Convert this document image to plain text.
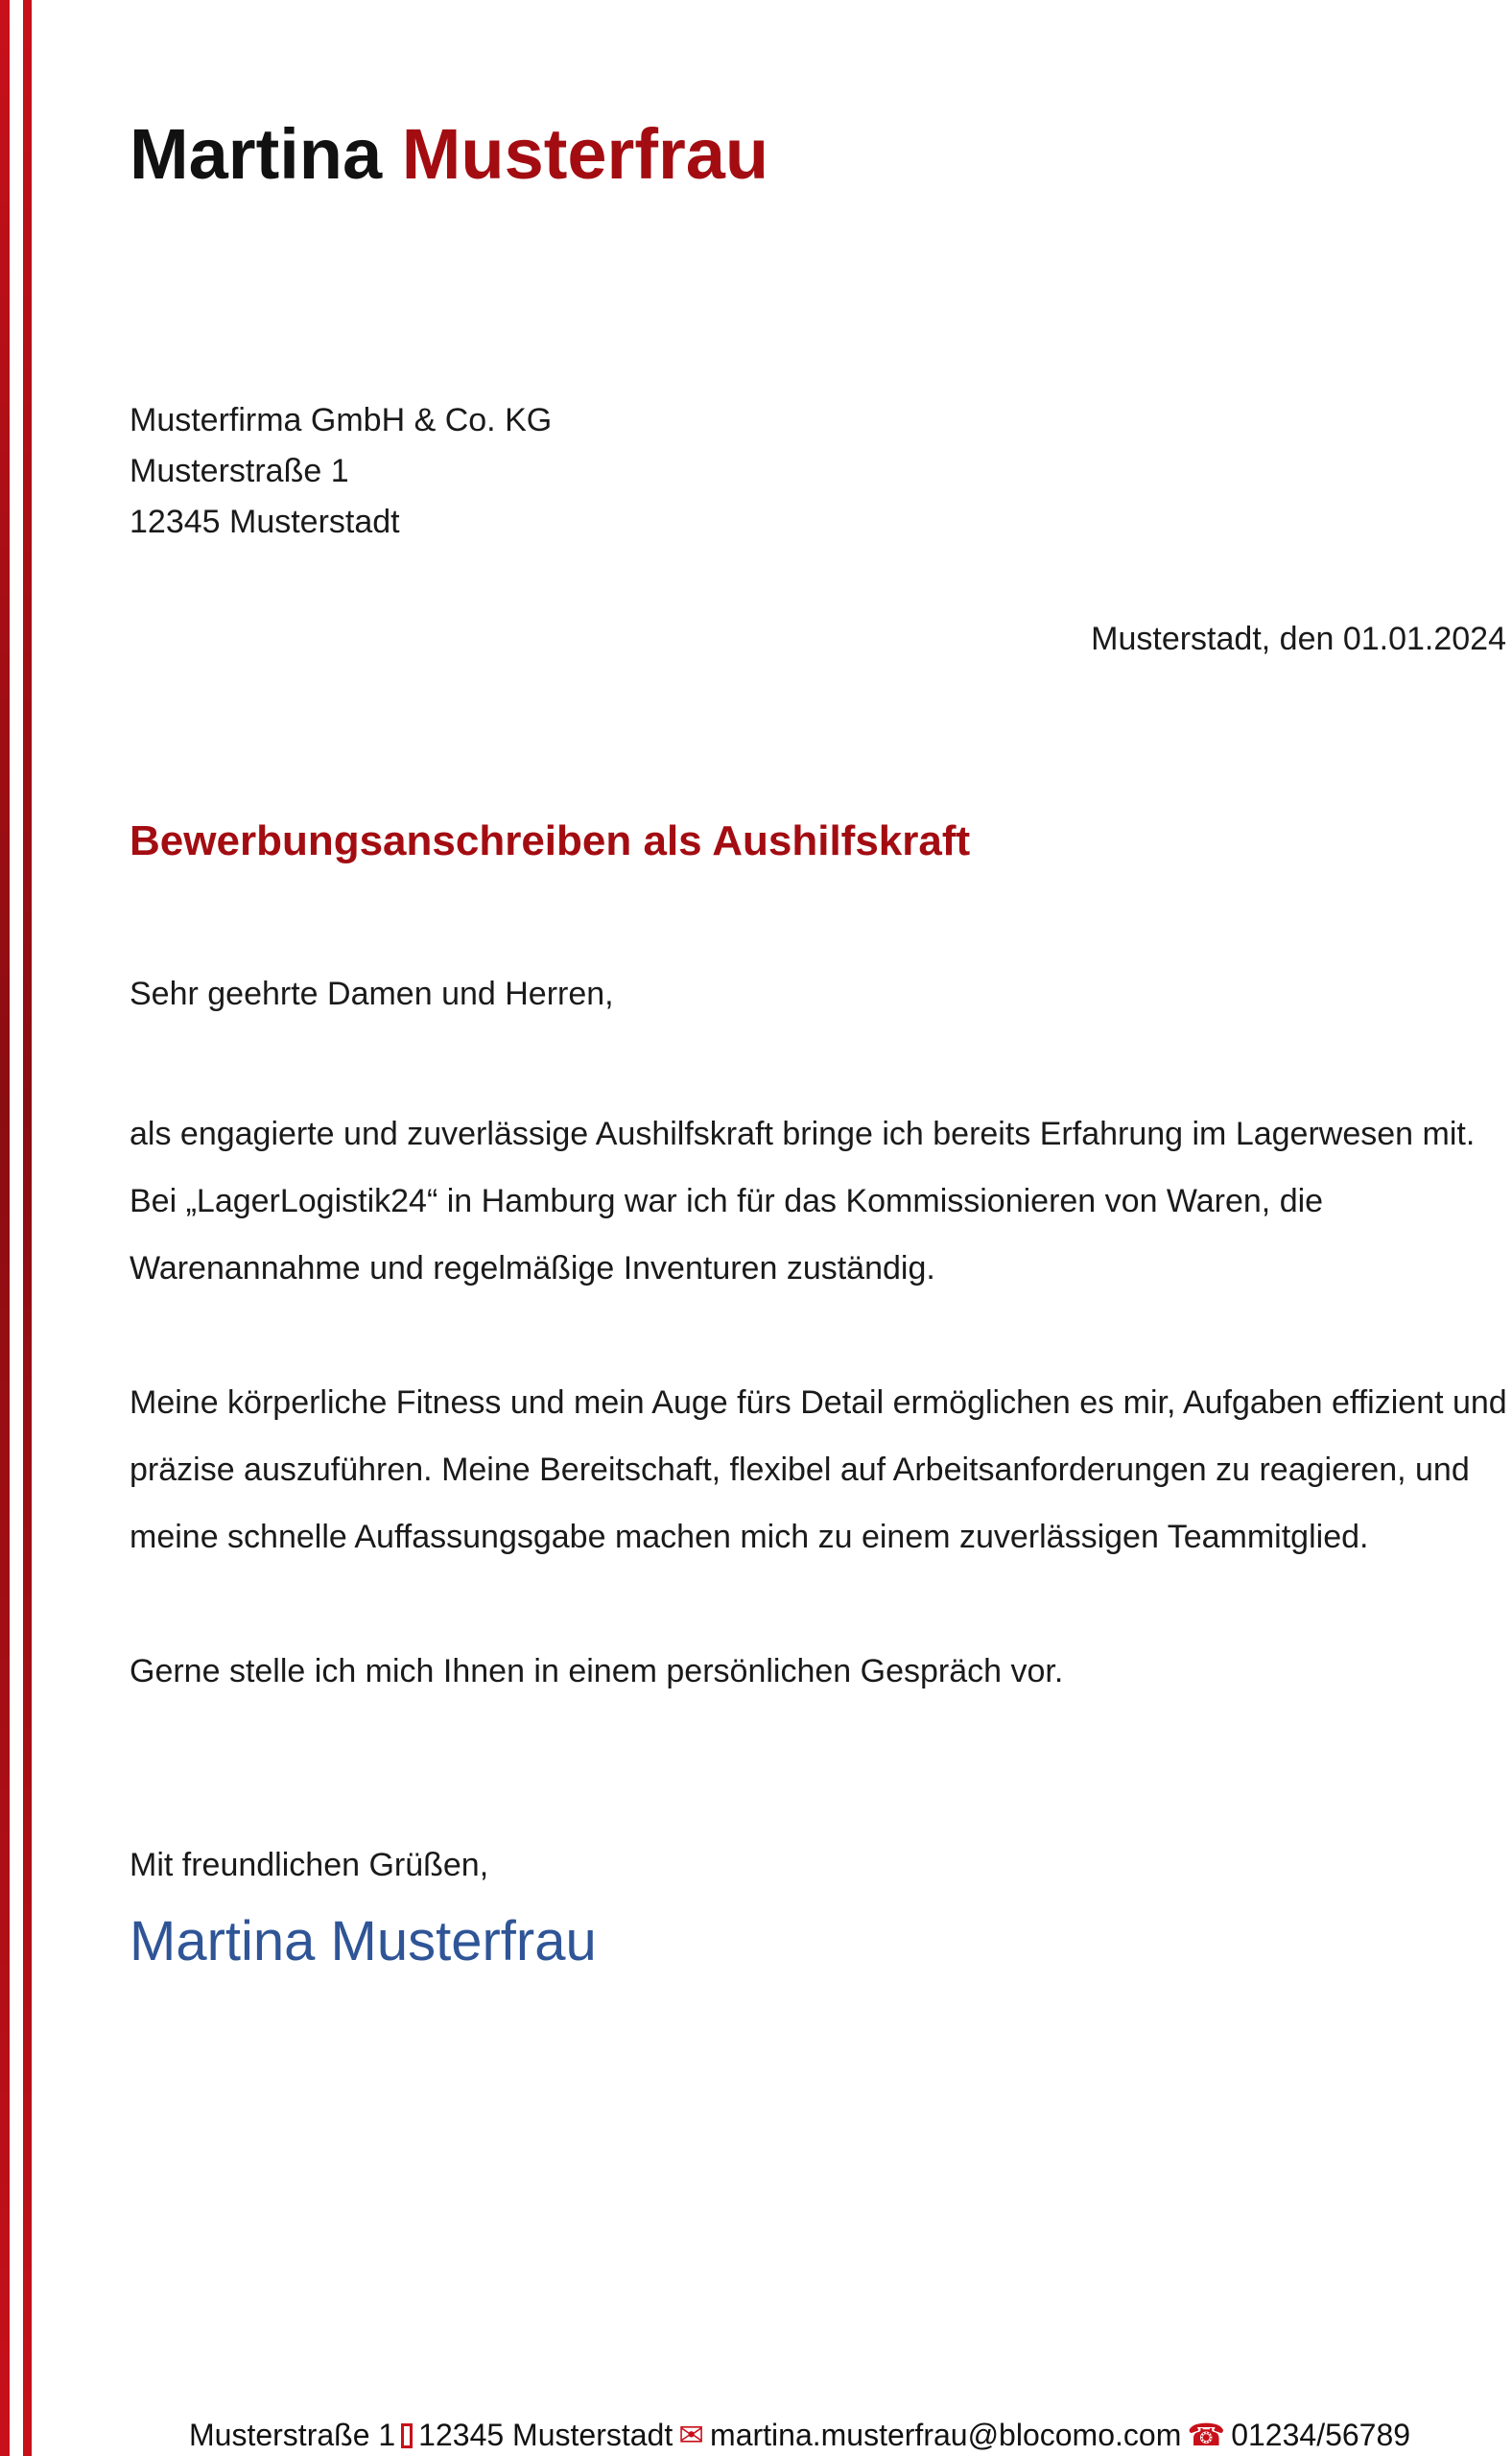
Martina Musterfrau
Musterfirma GmbH & Co. KG
Musterstraße 1
12345 Musterstadt
Musterstadt, den 01.01.2024
Bewerbungsanschreiben als Aushilfskraft
Sehr geehrte Damen und Herren,

als engagierte und zuverlässige Aushilfskraft bringe ich bereits Erfahrung im Lagerwesen mit. Bei „LagerLogistik24“ in Hamburg war ich für das Kommissionieren von Waren, die Warenannahme und regelmäßige Inventuren zuständig.

Meine körperliche Fitness und mein Auge fürs Detail ermöglichen es mir, Aufgaben effizient und präzise auszuführen. Meine Bereitschaft, flexibel auf Arbeitsanforderungen zu reagieren, und meine schnelle Auffassungsgabe machen mich zu einem zuverlässigen Teammitglied.

Gerne stelle ich mich Ihnen in einem persönlichen Gespräch vor.

Mit freundlichen Grüßen,
Martina Musterfrau
Musterstraße 1 12345 Musterstadt ✉ martina.musterfrau@blocomo.com ☎ 01234/56789
